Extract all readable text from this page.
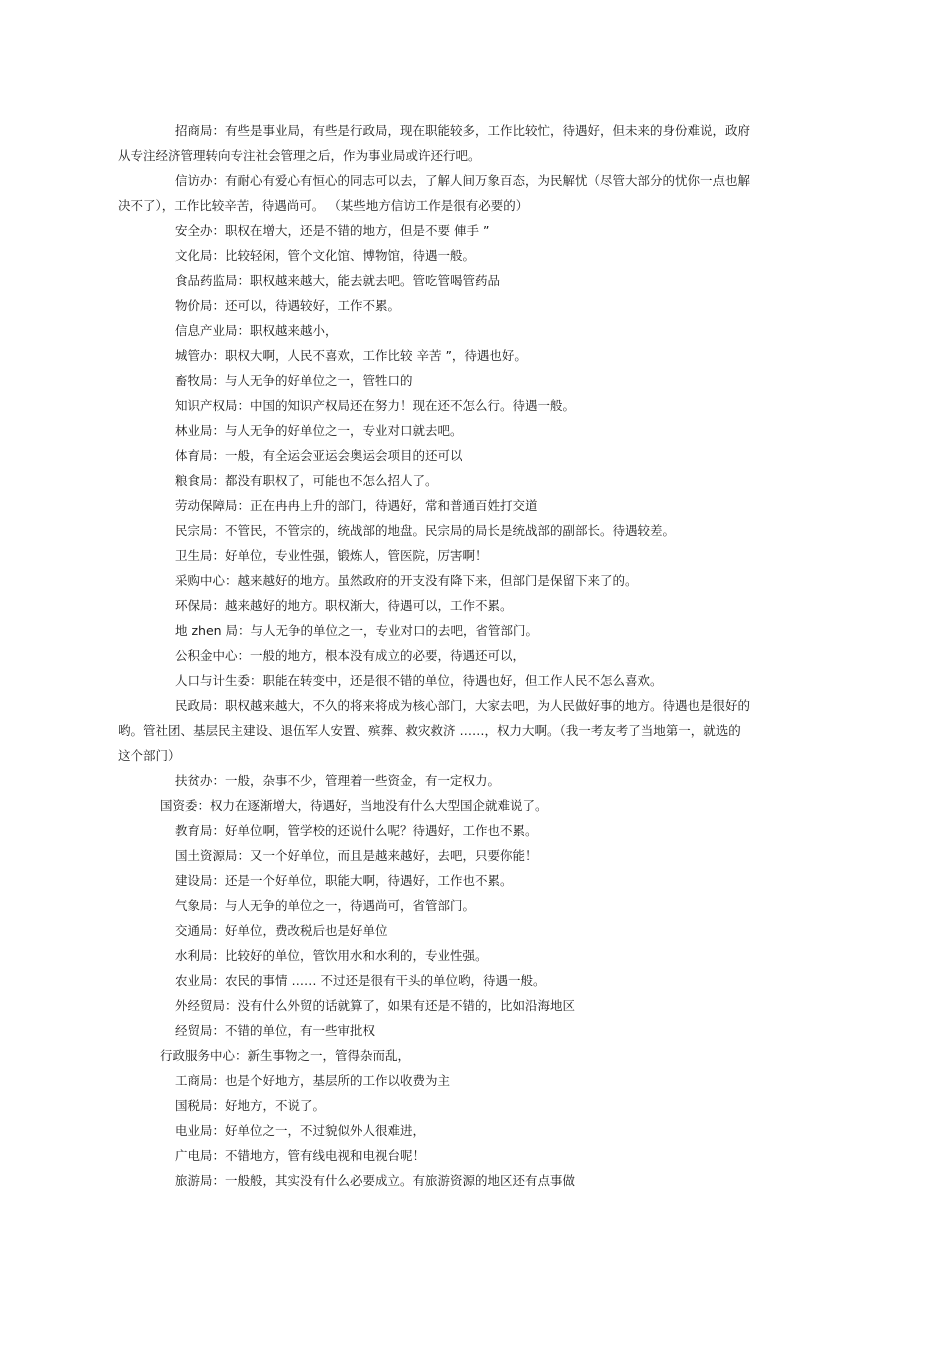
招商局：有些是事业局，有些是行政局，现在职能较多，工作比较忙，待遇好，但未来的身份难说，政府
从专注经济管理转向专注社会管理之后，作为事业局或许还行吧。
信访办：有耐心有爱心有恒心的同志可以去，了解人间万象百态，为民解忧（尽管大部分的忧你一点也解
决不了），工作比较辛苦，待遇尚可。 （某些地方信访工作是很有必要的）
安全办：职权在增大，还是不错的地方，但是不要 俥手 ”
文化局：比较轻闲，管个文化馆、博物馆，待遇一般。
食品药监局：职权越来越大，能去就去吧。管吃管喝管药品
物价局：还可以，待遇较好，工作不累。
信息产业局：职权越来越小，
城管办：职权大啊，人民不喜欢，工作比较 辛苦 ”，待遇也好。
畜牧局：与人无争的好单位之一，管牲口的
知识产权局：中国的知识产权局还在努力！现在还不怎么行。待遇一般。
林业局：与人无争的好单位之一，专业对口就去吧。
体育局：一般，有全运会亚运会奥运会项目的还可以
粮食局：都没有职权了，可能也不怎么招人了。
劳动保障局：正在冉冉上升的部门，待遇好，常和普通百姓打交道
民宗局：不管民，不管宗的，统战部的地盘。民宗局的局长是统战部的副部长。待遇较差。
卫生局：好单位，专业性强，锻炼人，管医院，厉害啊！
采购中心：越来越好的地方。虽然政府的开支没有降下来，但部门是保留下来了的。
环保局：越来越好的地方。职权渐大，待遇可以，工作不累。
地 zhen 局：与人无争的单位之一，专业对口的去吧，省管部门。
公积金中心：一般的地方，根本没有成立的必要，待遇还可以，
人口与计生委：职能在转变中，还是很不错的单位，待遇也好，但工作人民不怎么喜欢。
民政局：职权越来越大，不久的将来将成为核心部门，大家去吧，为人民做好事的地方。待遇也是很好的
哟。管社团、基层民主建设、退伍军人安置、殡葬、救灾救济 ……，权力大啊。（我一考友考了当地第一，就选的
这个部门）
扶贫办：一般，杂事不少，管理着一些资金，有一定权力。
国资委：权力在逐渐增大，待遇好，当地没有什么大型国企就难说了。
教育局：好单位啊，管学校的还说什么呢？待遇好，工作也不累。
国土资源局：又一个好单位，而且是越来越好，去吧，只要你能！
建设局：还是一个好单位，职能大啊，待遇好，工作也不累。
气象局：与人无争的单位之一，待遇尚可，省管部门。
交通局：好单位，费改税后也是好单位
水利局：比较好的单位，管饮用水和水利的，专业性强。
农业局：农民的事情 …… 不过还是很有干头的单位哟，待遇一般。
外经贸局：没有什么外贸的话就算了，如果有还是不错的，比如沿海地区
经贸局：不错的单位，有一些审批权
行政服务中心：新生事物之一，管得杂而乱，
工商局：也是个好地方，基层所的工作以收费为主
国税局：好地方，不说了。
电业局：好单位之一，不过貌似外人很难进，
广电局：不错地方，管有线电视和电视台呢！
旅游局：一般般，其实没有什么必要成立。有旅游资源的地区还有点事做
